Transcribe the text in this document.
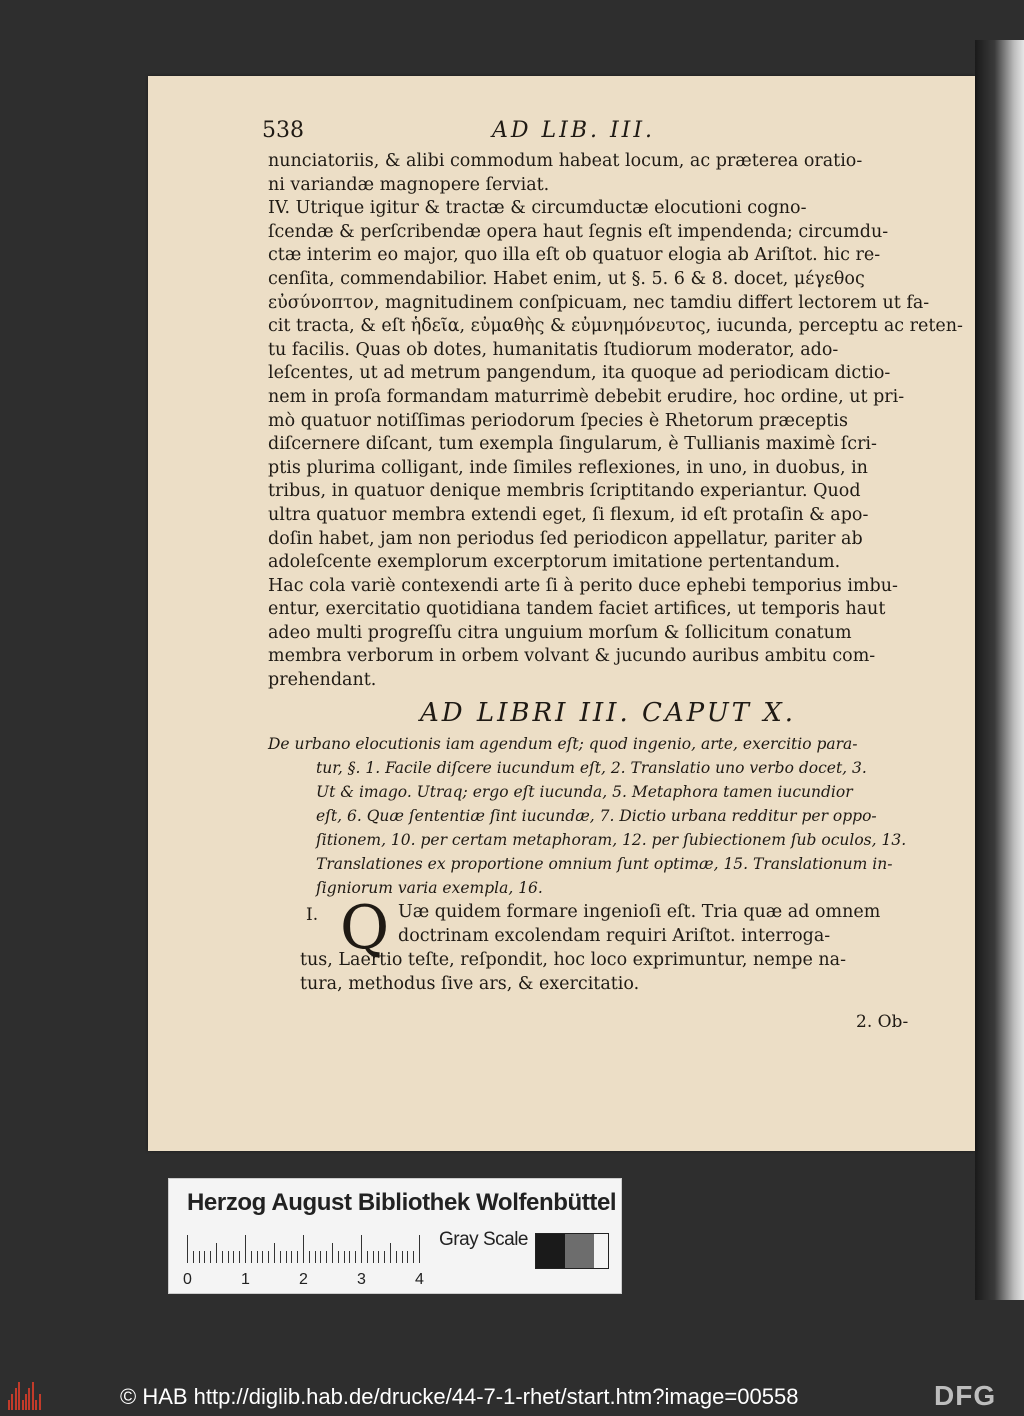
538	AD LIB. III.
nunciatoriis, & alibi commodum habeat locum, ac præterea oratio-
ni variandæ magnopere ſerviat.
IV. Utrique igitur & tractæ & circumductæ elocutioni cogno-
ſcendæ & perſcribendæ opera haut ſegnis eſt impendenda; circumdu-
ctæ interim eo major, quo illa eſt ob quatuor elogia ab Ariſtot. hic re-
cenſita, commendabilior. Habet enim, ut §. 5. 6 & 8. docet, μέγεθος
εὐσύνοπτον, magnitudinem conſpicuam, nec tamdiu differt lectorem ut fa-
cit tracta, & eſt ἡδεῖα, εὐμαθὴς & εὐμνημόνευτος, iucunda, perceptu ac reten-
tu facilis. Quas ob dotes, humanitatis ſtudiorum moderator, ado-
leſcentes, ut ad metrum pangendum, ita quoque ad periodicam dictio-
nem in proſa formandam maturrimè debebit erudire, hoc ordine, ut pri-
mò quatuor notiſſimas periodorum ſpecies è Rhetorum præceptis
diſcernere diſcant, tum exempla ſingularum, è Tullianis maximè ſcri-
ptis plurima colligant, inde ſimiles reflexiones, in uno, in duobus, in
tribus, in quatuor denique membris ſcriptitando experiantur. Quod
ultra quatuor membra extendi eget, ſi flexum, id eſt protaſin & apo-
doſin habet, jam non periodus ſed periodicon appellatur, pariter ab
adoleſcente exemplorum excerptorum imitatione pertentandum.
Hac cola variè contexendi arte ſi à perito duce ephebi temporius imbu-
entur, exercitatio quotidiana tandem faciet artifices, ut temporis haut
adeo multi progreſſu citra unguium morſum & ſollicitum conatum
membra verborum in orbem volvant & jucundo auribus ambitu com-
prehendant.
AD LIBRI III. CAPUT X.
De urbano elocutionis iam agendum eſt; quod ingenio, arte, exercitio para-
tur, §. 1. Facile diſcere iucundum eſt, 2. Translatio uno verbo docet, 3.
Ut & imago. Utraq; ergo eſt iucunda, 5. Metaphora tamen iucundior
eſt, 6. Quæ ſententiæ ſint iucundæ, 7. Dictio urbana redditur per oppo-
ſitionem, 10. per certam metaphoram, 12. per ſubiectionem ſub oculos, 13.
Translationes ex proportione omnium ſunt optimæ, 15. Translationum in-
ſigniorum varia exempla, 16.
I. Q Uæ quidem formare ingenioſi eſt. Tria quæ ad omnem
doctrinam excolendam requiri Ariſtot. interroga-
tus, Laertio teſte, reſpondit, hoc loco exprimuntur, nempe na-
tura, methodus ſive ars, & exercitatio.
2. Ob-
Herzog August Bibliothek Wolfenbüttel
0	1	2	3	4
Gray Scale
© HAB http://diglib.hab.de/drucke/44-7-1-rhet/start.htm?image=00558	DFG
